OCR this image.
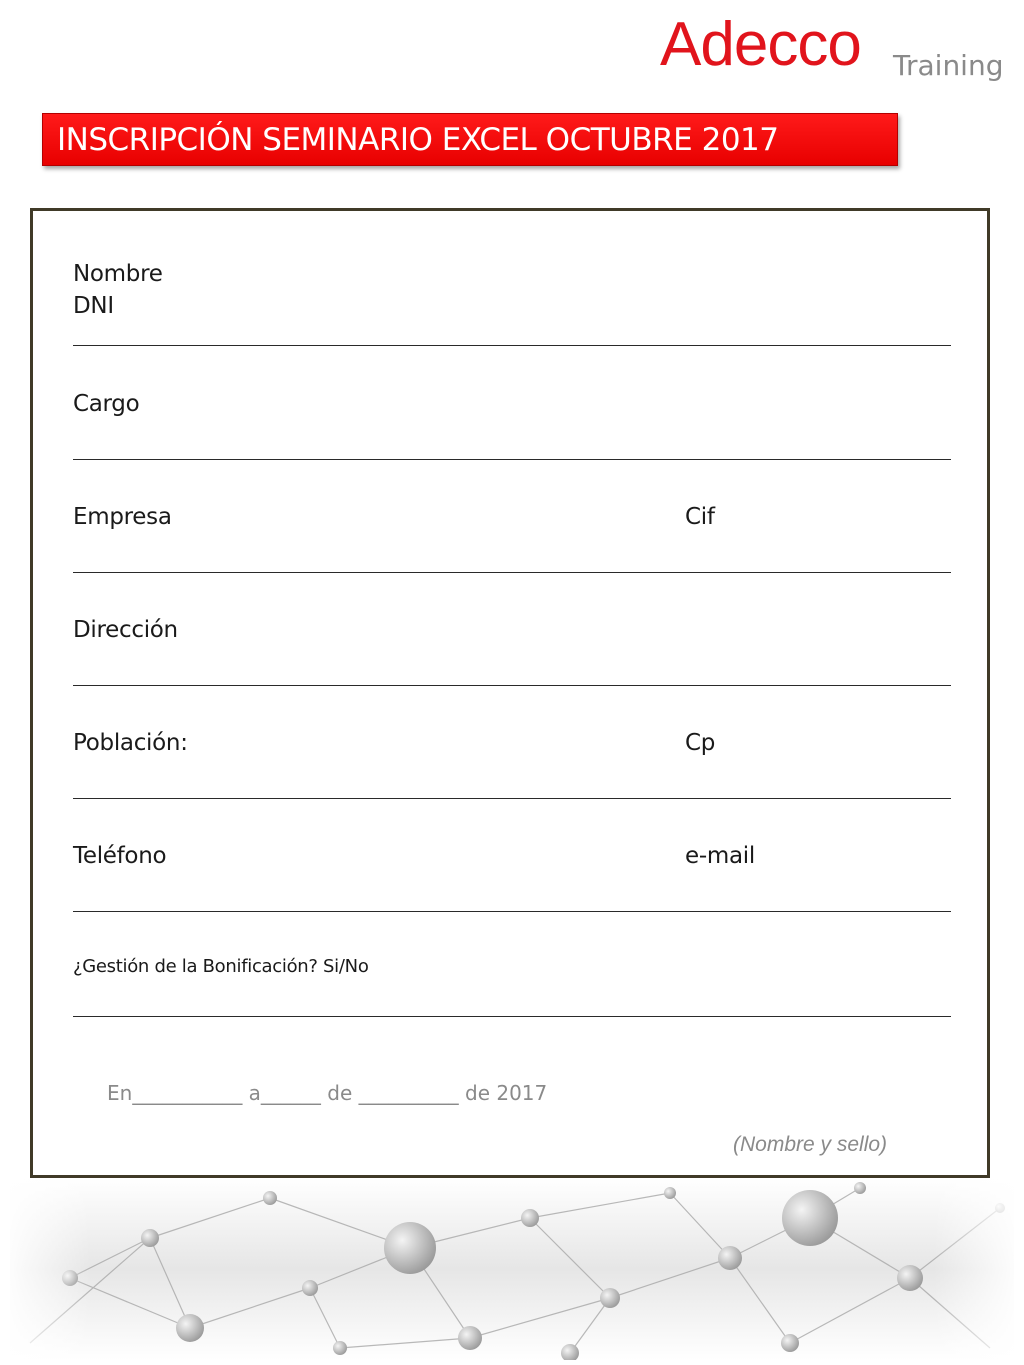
Adecco Training
INSCRIPCIÓN SEMINARIO EXCEL OCTUBRE 2017
Nombre
DNI
Cargo
Empresa	Cif
Dirección
Población:	Cp
Teléfono	e-mail
¿Gestión de la Bonificación? Si/No
En___________ a______ de __________ de 2017
(Nombre y sello)
